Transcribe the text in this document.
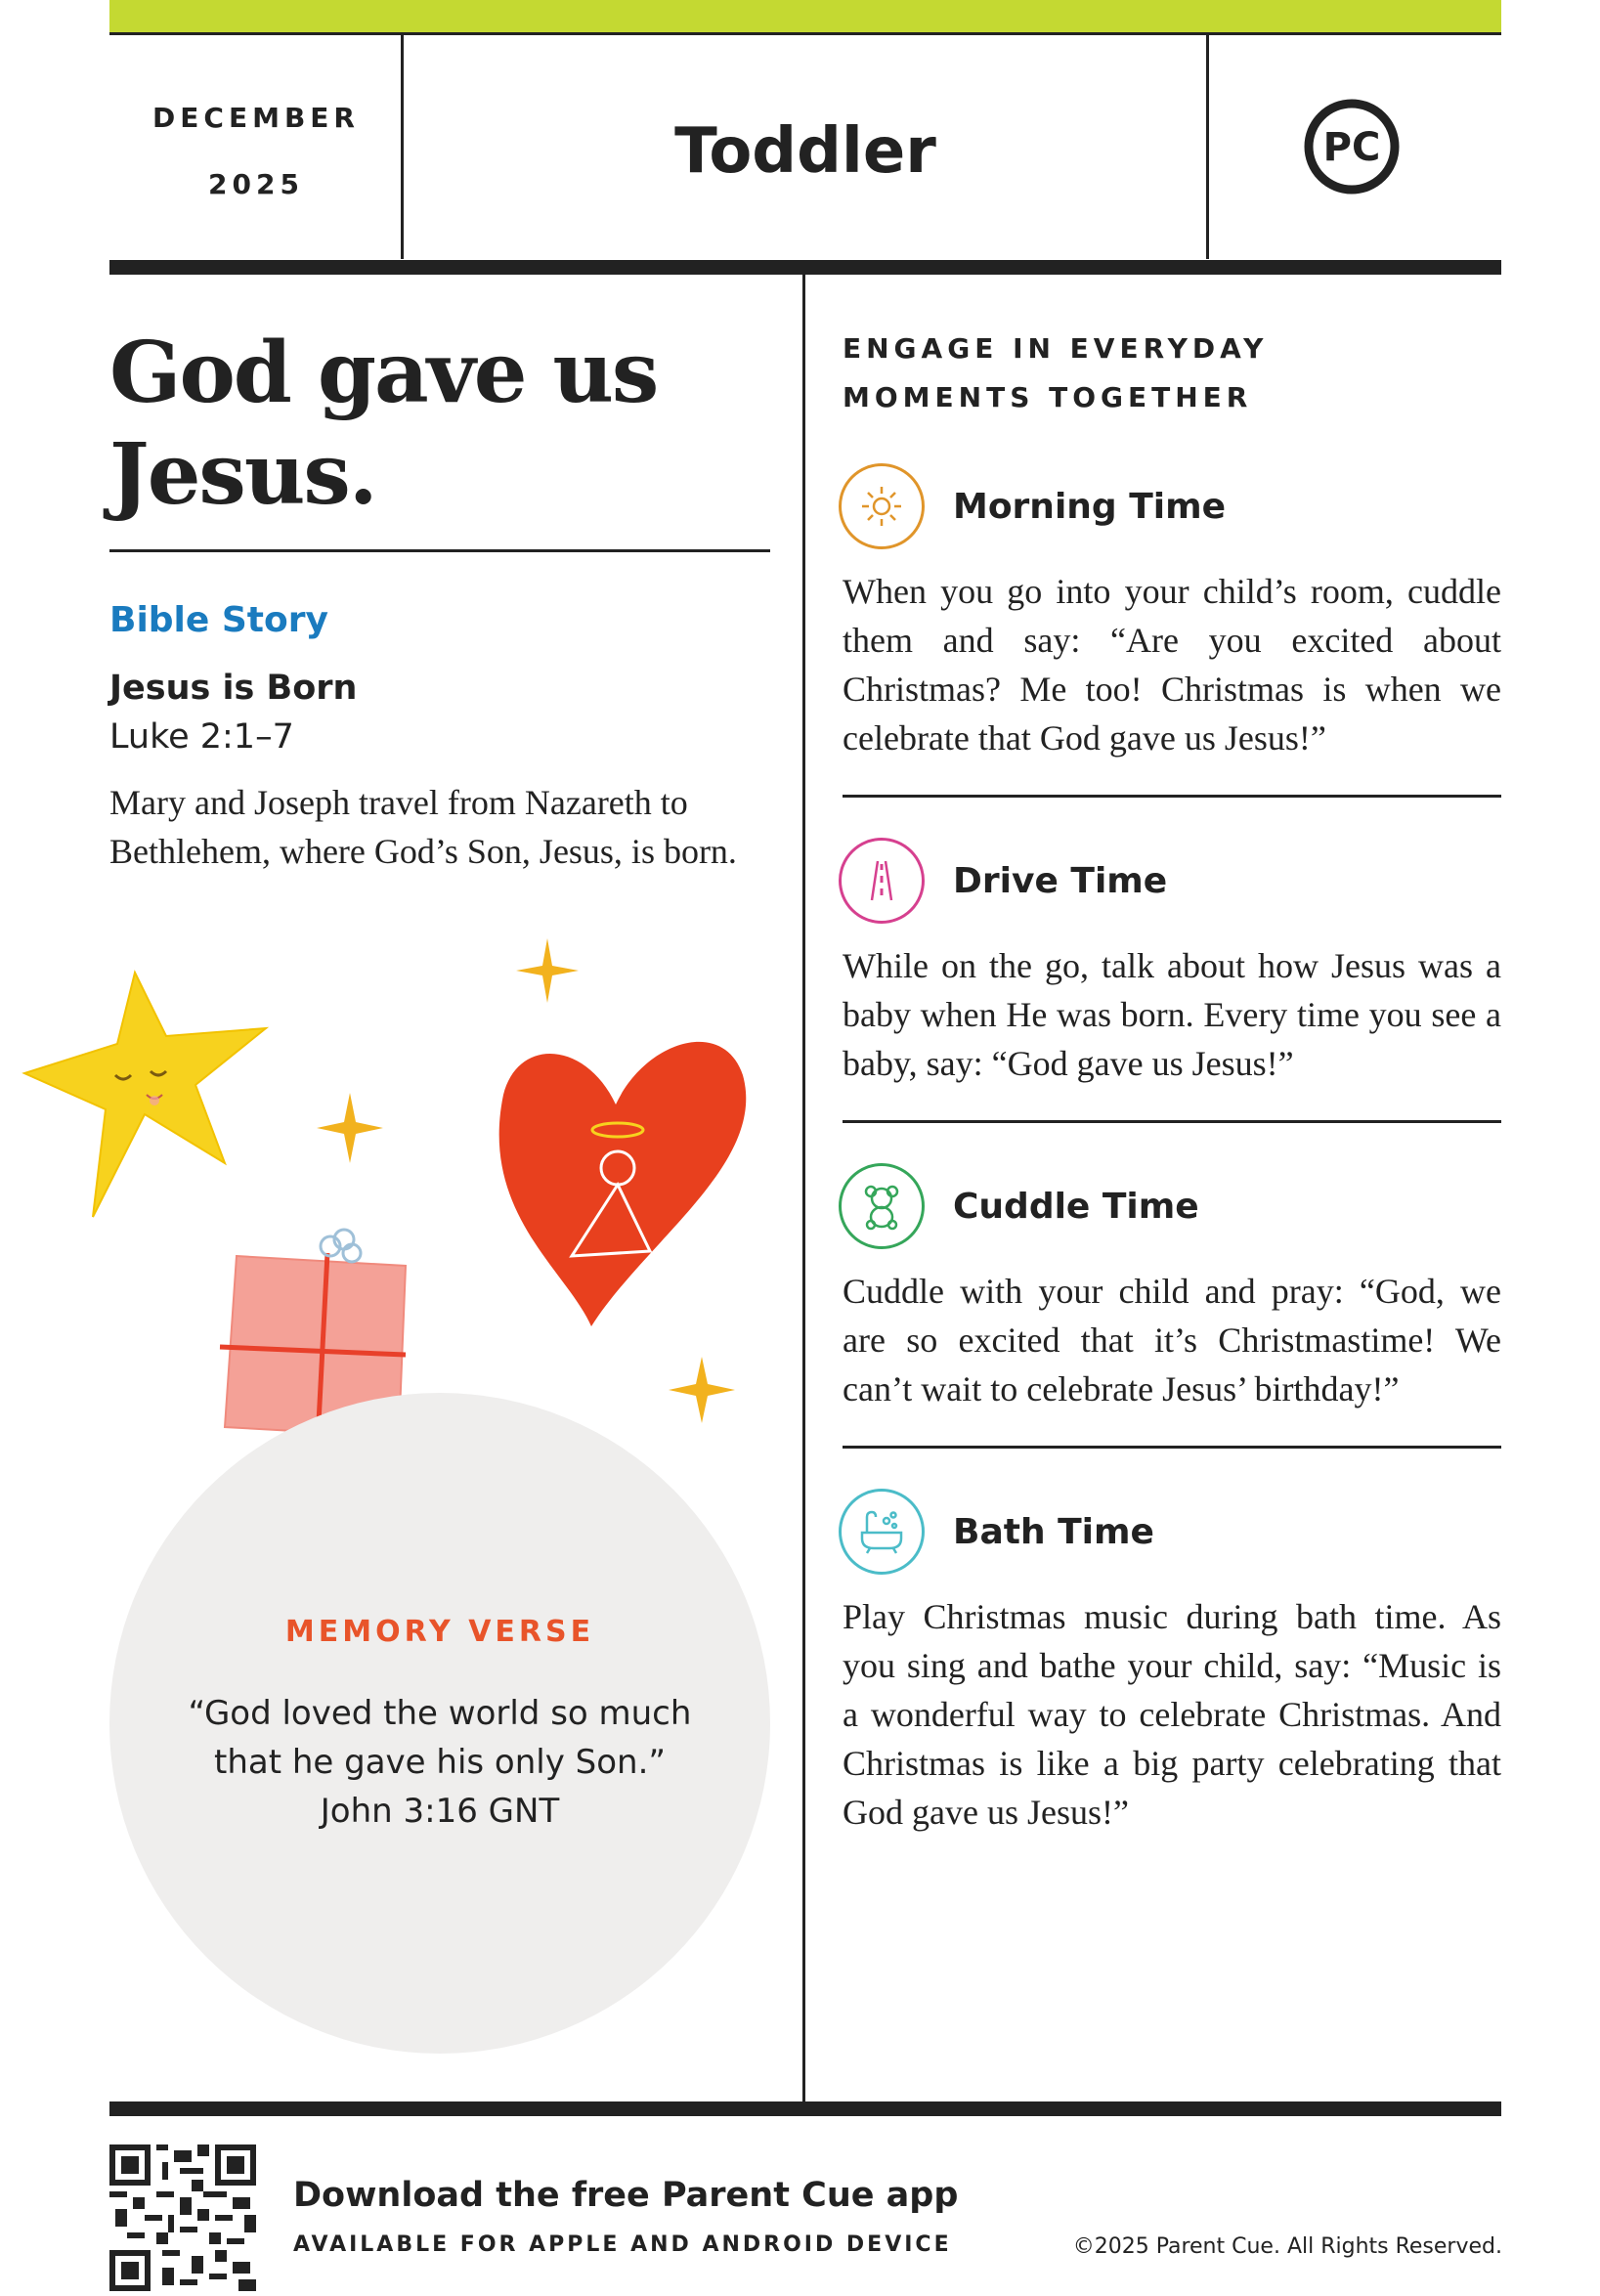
DECEMBER
2025	Toddler	PC
God gave us
Jesus.
Bible Story
Jesus is Born
Luke 2:1–7
Mary and Joseph travel from Nazareth to Bethlehem, where God’s Son, Jesus, is born.
MEMORY VERSE
“God loved the world so much
that he gave his only Son.”
John 3:16 GNT
ENGAGE IN EVERYDAY
MOMENTS TOGETHER
Morning Time
When you go into your child’s room, cuddle them and say: “Are you excited about Christmas? Me too! Christmas is when we celebrate that God gave us Jesus!”
Drive Time
While on the go, talk about how Jesus was a baby when He was born. Every time you see a baby, say: “God gave us Jesus!”
Cuddle Time
Cuddle with your child and pray: “God, we are so excited that it’s Christmastime! We can’t wait to celebrate Jesus’ birthday!”
Bath Time
Play Christmas music during bath time. As you sing and bathe your child, say: “Music is a wonderful way to celebrate Christmas. And Christmas is like a big party celebrating that God gave us Jesus!”
Download the free Parent Cue app
AVAILABLE FOR APPLE AND ANDROID DEVICE	©2025 Parent Cue. All Rights Reserved.
